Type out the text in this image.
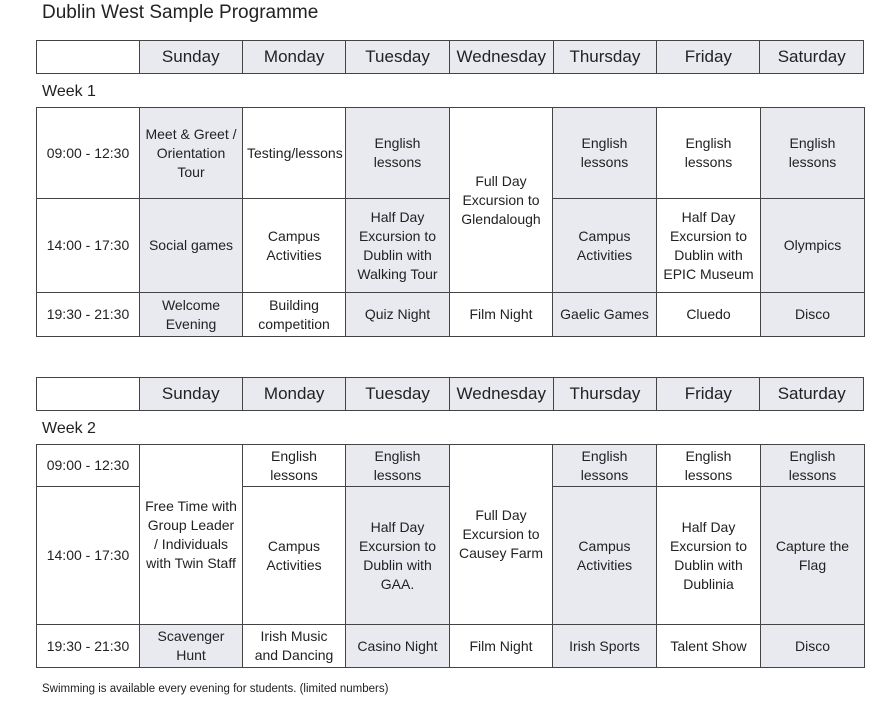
Dublin West Sample Programme
	Sunday	Monday	Tuesday	Wednesday	Thursday	Friday	Saturday
Week 1
09:00 - 12:30	Meet & Greet / Orientation Tour	Testing/lessons	English lessons	Full Day Excursion to Glendalough	English lessons	English lessons	English lessons
14:00 - 17:30	Social games	Campus Activities	Half Day Excursion to Dublin with Walking Tour		Campus Activities	Half Day Excursion to Dublin with EPIC Museum	Olympics
19:30 - 21:30	Welcome Evening	Building competition	Quiz Night	Film Night	Gaelic Games	Cluedo	Disco
	Sunday	Monday	Tuesday	Wednesday	Thursday	Friday	Saturday
Week 2
09:00 - 12:30	Free Time with Group Leader / Individuals with Twin Staff	English lessons	English lessons	Full Day Excursion to Causey Farm	English lessons	English lessons	English lessons
14:00 - 17:30		Campus Activities	Half Day Excursion to Dublin with GAA.		Campus Activities	Half Day Excursion to Dublin with Dublinia	Capture the Flag
19:30 - 21:30	Scavenger Hunt	Irish Music and Dancing	Casino Night	Film Night	Irish Sports	Talent Show	Disco
Swimming is available every evening for students. (limited numbers)
